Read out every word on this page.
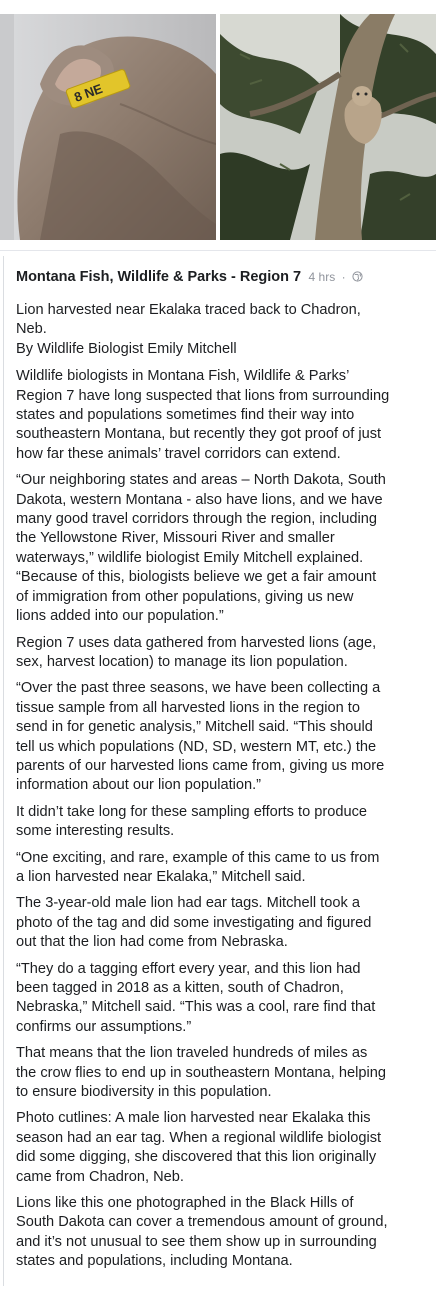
8 NE
Montana Fish, Wildlife & Parks - Region 7 4 hrs ·

Lion harvested near Ekalaka traced back to Chadron,
Neb.
By Wildlife Biologist Emily Mitchell

Wildlife biologists in Montana Fish, Wildlife & Parks’
Region 7 have long suspected that lions from surrounding
states and populations sometimes find their way into
southeastern Montana, but recently they got proof of just
how far these animals’ travel corridors can extend.

“Our neighboring states and areas – North Dakota, South
Dakota, western Montana - also have lions, and we have
many good travel corridors through the region, including
the Yellowstone River, Missouri River and smaller
waterways,” wildlife biologist Emily Mitchell explained.
“Because of this, biologists believe we get a fair amount
of immigration from other populations, giving us new
lions added into our population.”

Region 7 uses data gathered from harvested lions (age,
sex, harvest location) to manage its lion population.

“Over the past three seasons, we have been collecting a
tissue sample from all harvested lions in the region to
send in for genetic analysis,” Mitchell said. “This should
tell us which populations (ND, SD, western MT, etc.) the
parents of our harvested lions came from, giving us more
information about our lion population.”

It didn’t take long for these sampling efforts to produce
some interesting results.

“One exciting, and rare, example of this came to us from
a lion harvested near Ekalaka,” Mitchell said.

The 3-year-old male lion had ear tags. Mitchell took a
photo of the tag and did some investigating and figured
out that the lion had come from Nebraska.

“They do a tagging effort every year, and this lion had
been tagged in 2018 as a kitten, south of Chadron,
Nebraska,” Mitchell said. “This was a cool, rare find that
confirms our assumptions.”

That means that the lion traveled hundreds of miles as
the crow flies to end up in southeastern Montana, helping
to ensure biodiversity in this population.

Photo cutlines: A male lion harvested near Ekalaka this
season had an ear tag. When a regional wildlife biologist
did some digging, she discovered that this lion originally
came from Chadron, Neb.

Lions like this one photographed in the Black Hills of
South Dakota can cover a tremendous amount of ground,
and it’s not unusual to see them show up in surrounding
states and populations, including Montana.
